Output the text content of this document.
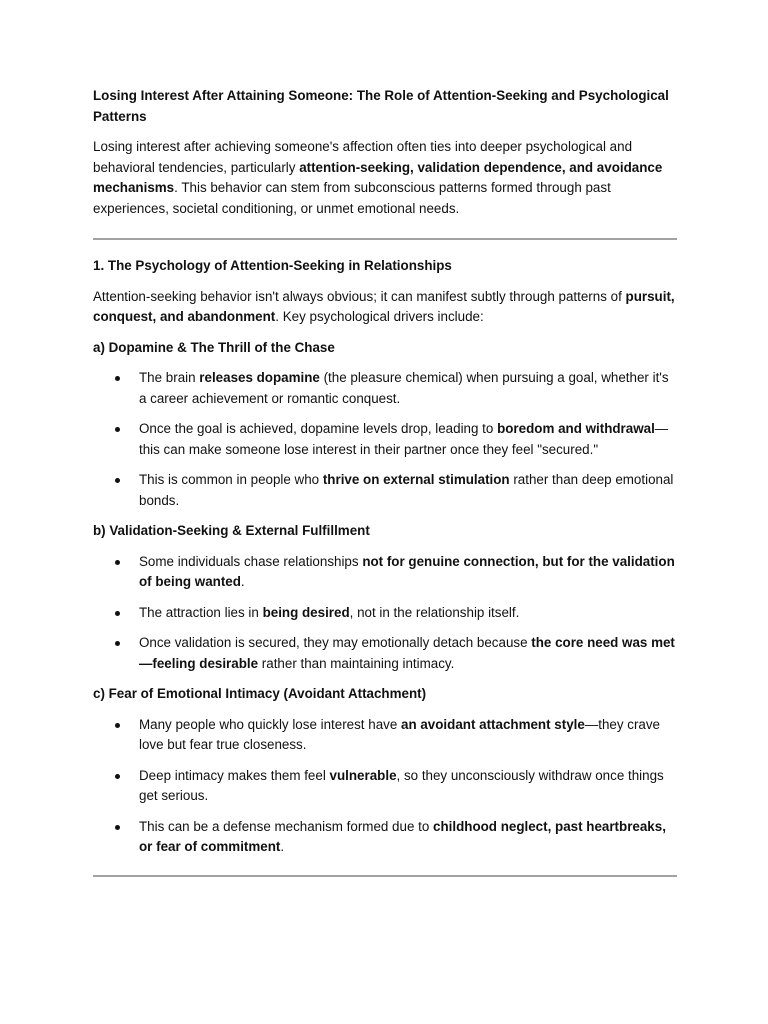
Losing Interest After Attaining Someone: The Role of Attention-Seeking and Psychological Patterns

Losing interest after achieving someone's affection often ties into deeper psychological and behavioral tendencies, particularly attention-seeking, validation dependence, and avoidance mechanisms. This behavior can stem from subconscious patterns formed through past experiences, societal conditioning, or unmet emotional needs.

1. The Psychology of Attention-Seeking in Relationships

Attention-seeking behavior isn't always obvious; it can manifest subtly through patterns of pursuit, conquest, and abandonment. Key psychological drivers include:

a) Dopamine & The Thrill of the Chase

The brain releases dopamine (the pleasure chemical) when pursuing a goal, whether it's a career achievement or romantic conquest.
Once the goal is achieved, dopamine levels drop, leading to boredom and withdrawal—this can make someone lose interest in their partner once they feel "secured."
This is common in people who thrive on external stimulation rather than deep emotional bonds.

b) Validation-Seeking & External Fulfillment

Some individuals chase relationships not for genuine connection, but for the validation of being wanted.
The attraction lies in being desired, not in the relationship itself.
Once validation is secured, they may emotionally detach because the core need was met—feeling desirable rather than maintaining intimacy.

c) Fear of Emotional Intimacy (Avoidant Attachment)

Many people who quickly lose interest have an avoidant attachment style—they crave love but fear true closeness.
Deep intimacy makes them feel vulnerable, so they unconsciously withdraw once things get serious.
This can be a defense mechanism formed due to childhood neglect, past heartbreaks, or fear of commitment.
